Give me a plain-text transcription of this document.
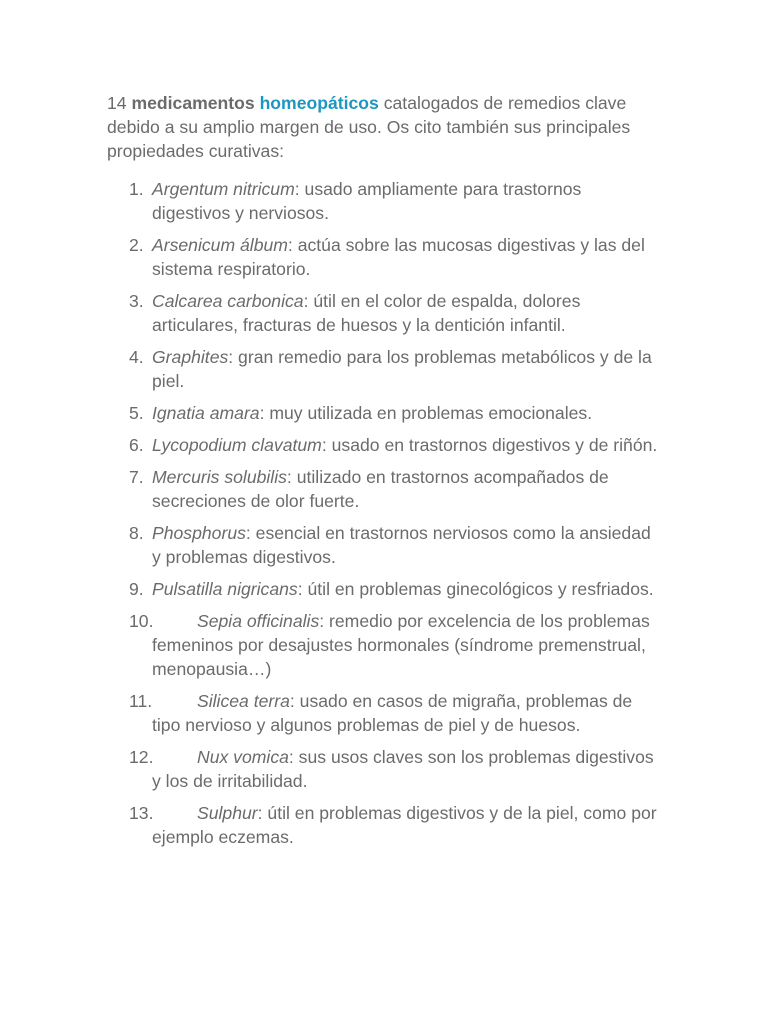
14 medicamentos homeopáticos catalogados de remedios clave debido a su amplio margen de uso. Os cito también sus principales propiedades curativas:

1. Argentum nitricum: usado ampliamente para trastornos digestivos y nerviosos.
2. Arsenicum álbum: actúa sobre las mucosas digestivas y las del sistema respiratorio.
3. Calcarea carbonica: útil en el color de espalda, dolores articulares, fracturas de huesos y la dentición infantil.
4. Graphites: gran remedio para los problemas metabólicos y de la piel.
5. Ignatia amara: muy utilizada en problemas emocionales.
6. Lycopodium clavatum: usado en trastornos digestivos y de riñón.
7. Mercuris solubilis: utilizado en trastornos acompañados de secreciones de olor fuerte.
8. Phosphorus: esencial en trastornos nerviosos como la ansiedad y problemas digestivos.
9. Pulsatilla nigricans: útil en problemas ginecológicos y resfriados.
10.	Sepia officinalis: remedio por excelencia de los problemas femeninos por desajustes hormonales (síndrome premenstrual, menopausia…)
11.	Silicea terra: usado en casos de migraña, problemas de tipo nervioso y algunos problemas de piel y de huesos.
12.	Nux vomica: sus usos claves son los problemas digestivos y los de irritabilidad.
13.	Sulphur: útil en problemas digestivos y de la piel, como por ejemplo eczemas.
